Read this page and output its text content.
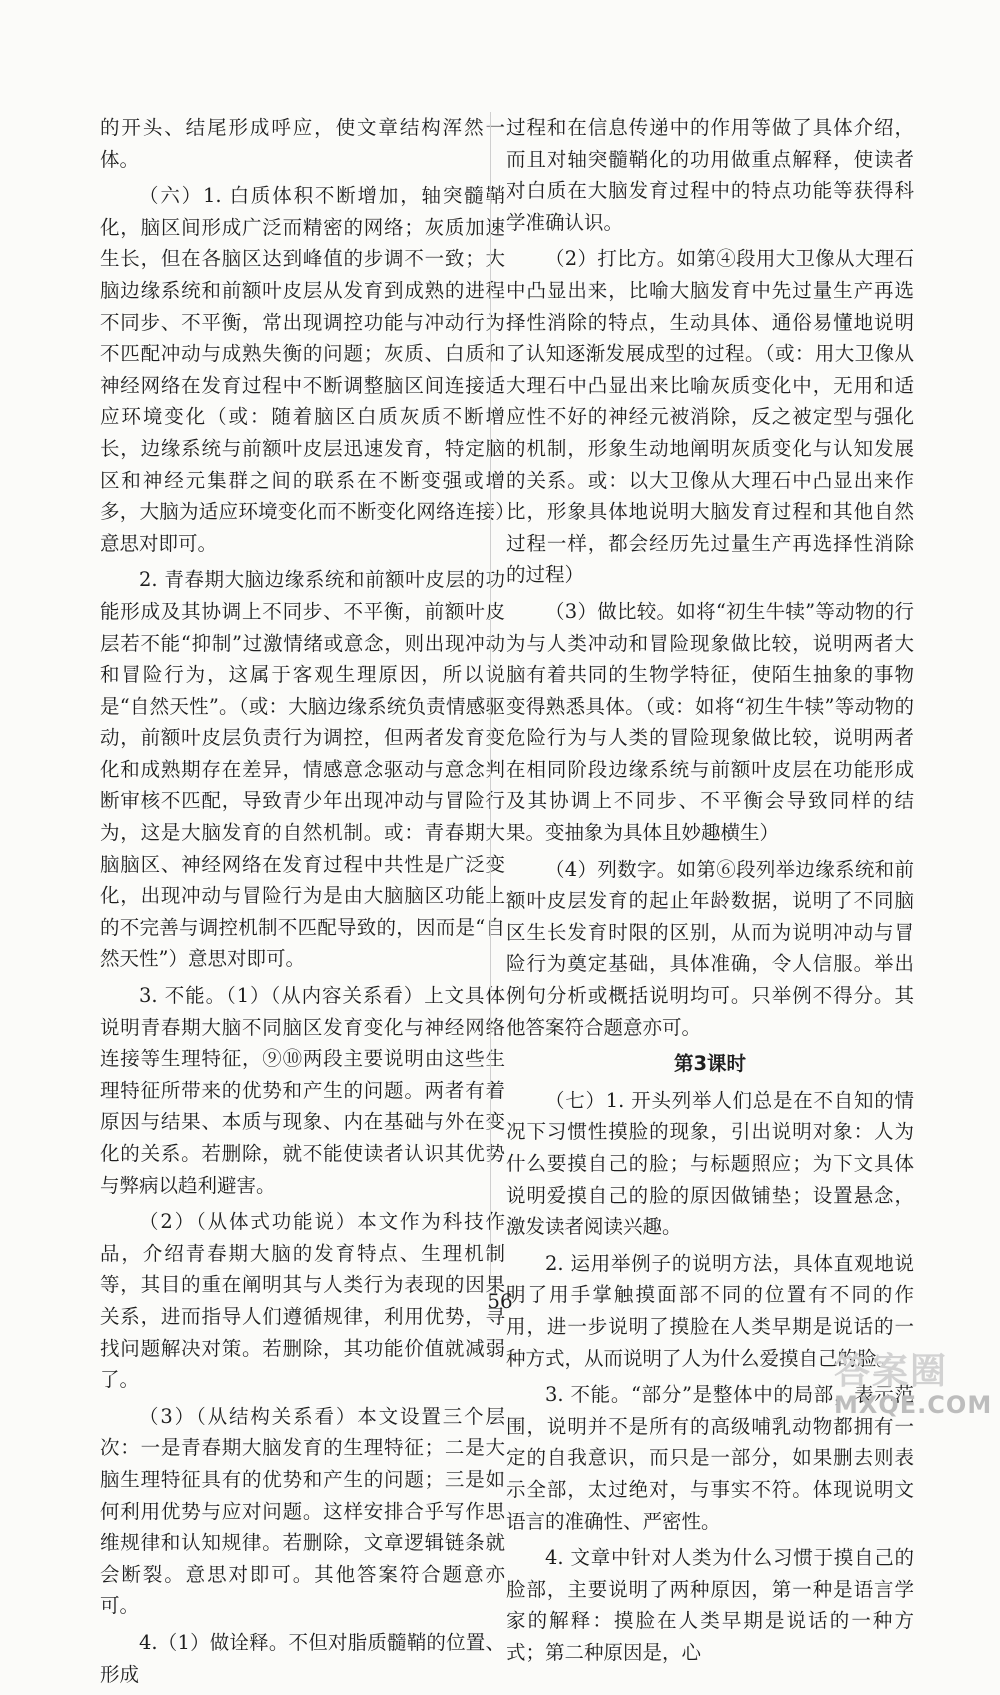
的开头、结尾形成呼应，使文章结构浑然一体。

（六）1. 白质体积不断增加，轴突髓鞘化，脑区间形成广泛而精密的网络；灰质加速生长，但在各脑区达到峰值的步调不一致；大脑边缘系统和前额叶皮层从发育到成熟的进程不同步、不平衡，常出现调控功能与冲动行为不匹配冲动与成熟失衡的问题；灰质、白质和神经网络在发育过程中不断调整脑区间连接适应环境变化（或：随着脑区白质灰质不断增长，边缘系统与前额叶皮层迅速发育，特定脑区和神经元集群之间的联系在不断变强或增多，大脑为适应环境变化而不断变化网络连接）意思对即可。

2. 青春期大脑边缘系统和前额叶皮层的功能形成及其协调上不同步、不平衡，前额叶皮层若不能“抑制”过激情绪或意念，则出现冲动和冒险行为，这属于客观生理原因，所以说是“自然天性”。（或：大脑边缘系统负责情感驱动，前额叶皮层负责行为调控，但两者发育变化和成熟期存在差异，情感意念驱动与意念判断审核不匹配，导致青少年出现冲动与冒险行为，这是大脑发育的自然机制。或：青春期大脑脑区、神经网络在发育过程中共性是广泛变化，出现冲动与冒险行为是由大脑脑区功能上的不完善与调控机制不匹配导致的，因而是“自然天性”）意思对即可。

3. 不能。（1）（从内容关系看）上文具体说明青春期大脑不同脑区发育变化与神经网络连接等生理特征，⑨⑩两段主要说明由这些生理特征所带来的优势和产生的问题。两者有着原因与结果、本质与现象、内在基础与外在变化的关系。若删除，就不能使读者认识其优势与弊病以趋利避害。

（2）（从体式功能说）本文作为科技作品，介绍青春期大脑的发育特点、生理机制等，其目的重在阐明其与人类行为表现的因果关系，进而指导人们遵循规律，利用优势，寻找问题解决对策。若删除，其功能价值就减弱了。

（3）（从结构关系看）本文设置三个层次：一是青春期大脑发育的生理特征；二是大脑生理特征具有的优势和产生的问题；三是如何利用优势与应对问题。这样安排合乎写作思维规律和认知规律。若删除，文章逻辑链条就会断裂。意思对即可。其他答案符合题意亦可。

4.（1）做诠释。不但对脂质髓鞘的位置、形成

过程和在信息传递中的作用等做了具体介绍，而且对轴突髓鞘化的功用做重点解释，使读者对白质在大脑发育过程中的特点功能等获得科学准确认识。

（2）打比方。如第④段用大卫像从大理石中凸显出来，比喻大脑发育中先过量生产再选择性消除的特点，生动具体、通俗易懂地说明了认知逐渐发展成型的过程。（或：用大卫像从大理石中凸显出来比喻灰质变化中，无用和适应性不好的神经元被消除，反之被定型与强化的机制，形象生动地阐明灰质变化与认知发展的关系。或：以大卫像从大理石中凸显出来作比，形象具体地说明大脑发育过程和其他自然过程一样，都会经历先过量生产再选择性消除的过程）

（3）做比较。如将“初生牛犊”等动物的行为与人类冲动和冒险现象做比较，说明两者大脑有着共同的生物学特征，使陌生抽象的事物变得熟悉具体。（或：如将“初生牛犊”等动物的危险行为与人类的冒险现象做比较，说明两者在相同阶段边缘系统与前额叶皮层在功能形成及其协调上不同步、不平衡会导致同样的结果。变抽象为具体且妙趣横生）

（4）列数字。如第⑥段列举边缘系统和前额叶皮层发育的起止年龄数据，说明了不同脑区生长发育时限的区别，从而为说明冲动与冒险行为奠定基础，具体准确，令人信服。举出例句分析或概括说明均可。只举例不得分。其他答案符合题意亦可。

第3课时

（七）1. 开头列举人们总是在不自知的情况下习惯性摸脸的现象，引出说明对象：人为什么要摸自己的脸；与标题照应；为下文具体说明爱摸自己的脸的原因做铺垫；设置悬念，激发读者阅读兴趣。

2. 运用举例子的说明方法，具体直观地说明了用手掌触摸面部不同的位置有不同的作用，进一步说明了摸脸在人类早期是说话的一种方式，从而说明了人为什么爱摸自己的脸。

3. 不能。“部分”是整体中的局部，表示范围，说明并不是所有的高级哺乳动物都拥有一定的自我意识，而只是一部分，如果删去则表示全部，太过绝对，与事实不符。体现说明文语言的准确性、严密性。

4. 文章中针对人类为什么习惯于摸自己的脸部，主要说明了两种原因，第一种是语言学家的解释：摸脸在人类早期是说话的一种方式；第二种原因是，心

56
答案圈
MXQE.COM
